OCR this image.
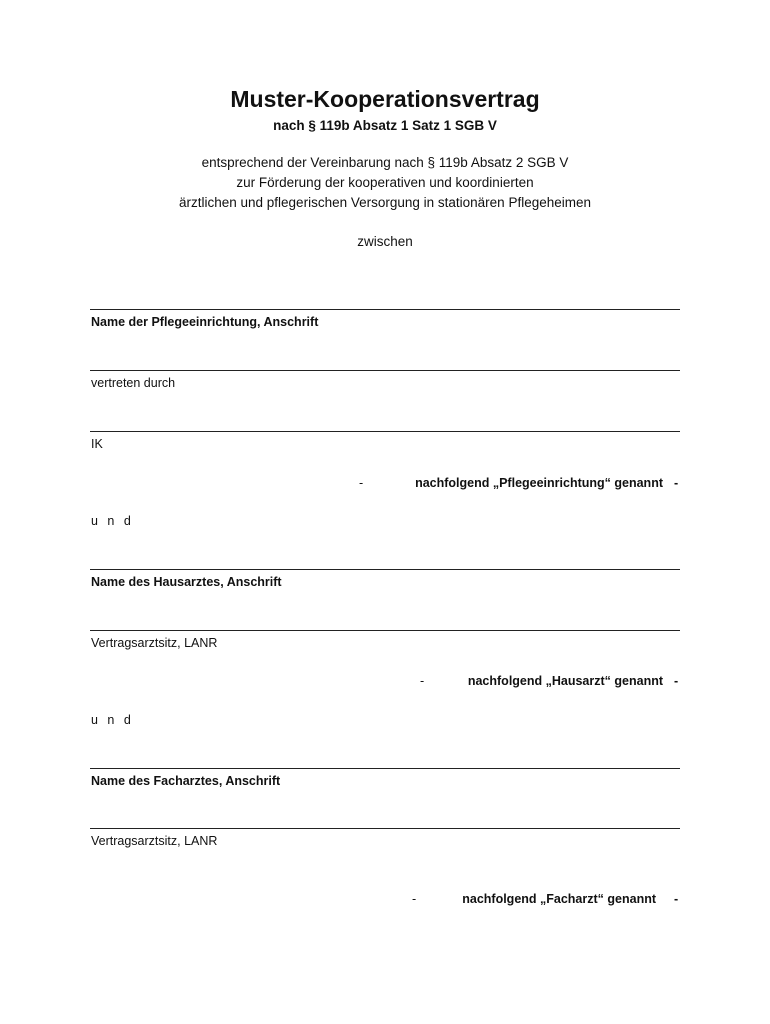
Muster-Kooperationsvertrag
nach § 119b Absatz 1 Satz 1 SGB V
entsprechend der Vereinbarung nach § 119b Absatz 2 SGB V
zur Förderung der kooperativen und koordinierten
ärztlichen und pflegerischen Versorgung in stationären Pflegeheimen
zwischen
Name der Pflegeeinrichtung, Anschrift
vertreten durch
IK
-	nachfolgend „Pflegeeinrichtung“ genannt -
u n d
Name des Hausarztes, Anschrift
Vertragsarztsitz, LANR
-	nachfolgend „Hausarzt“ genannt -
u n d
Name des Facharztes, Anschrift
Vertragsarztsitz, LANR
-	nachfolgend „Facharzt“ genannt -
